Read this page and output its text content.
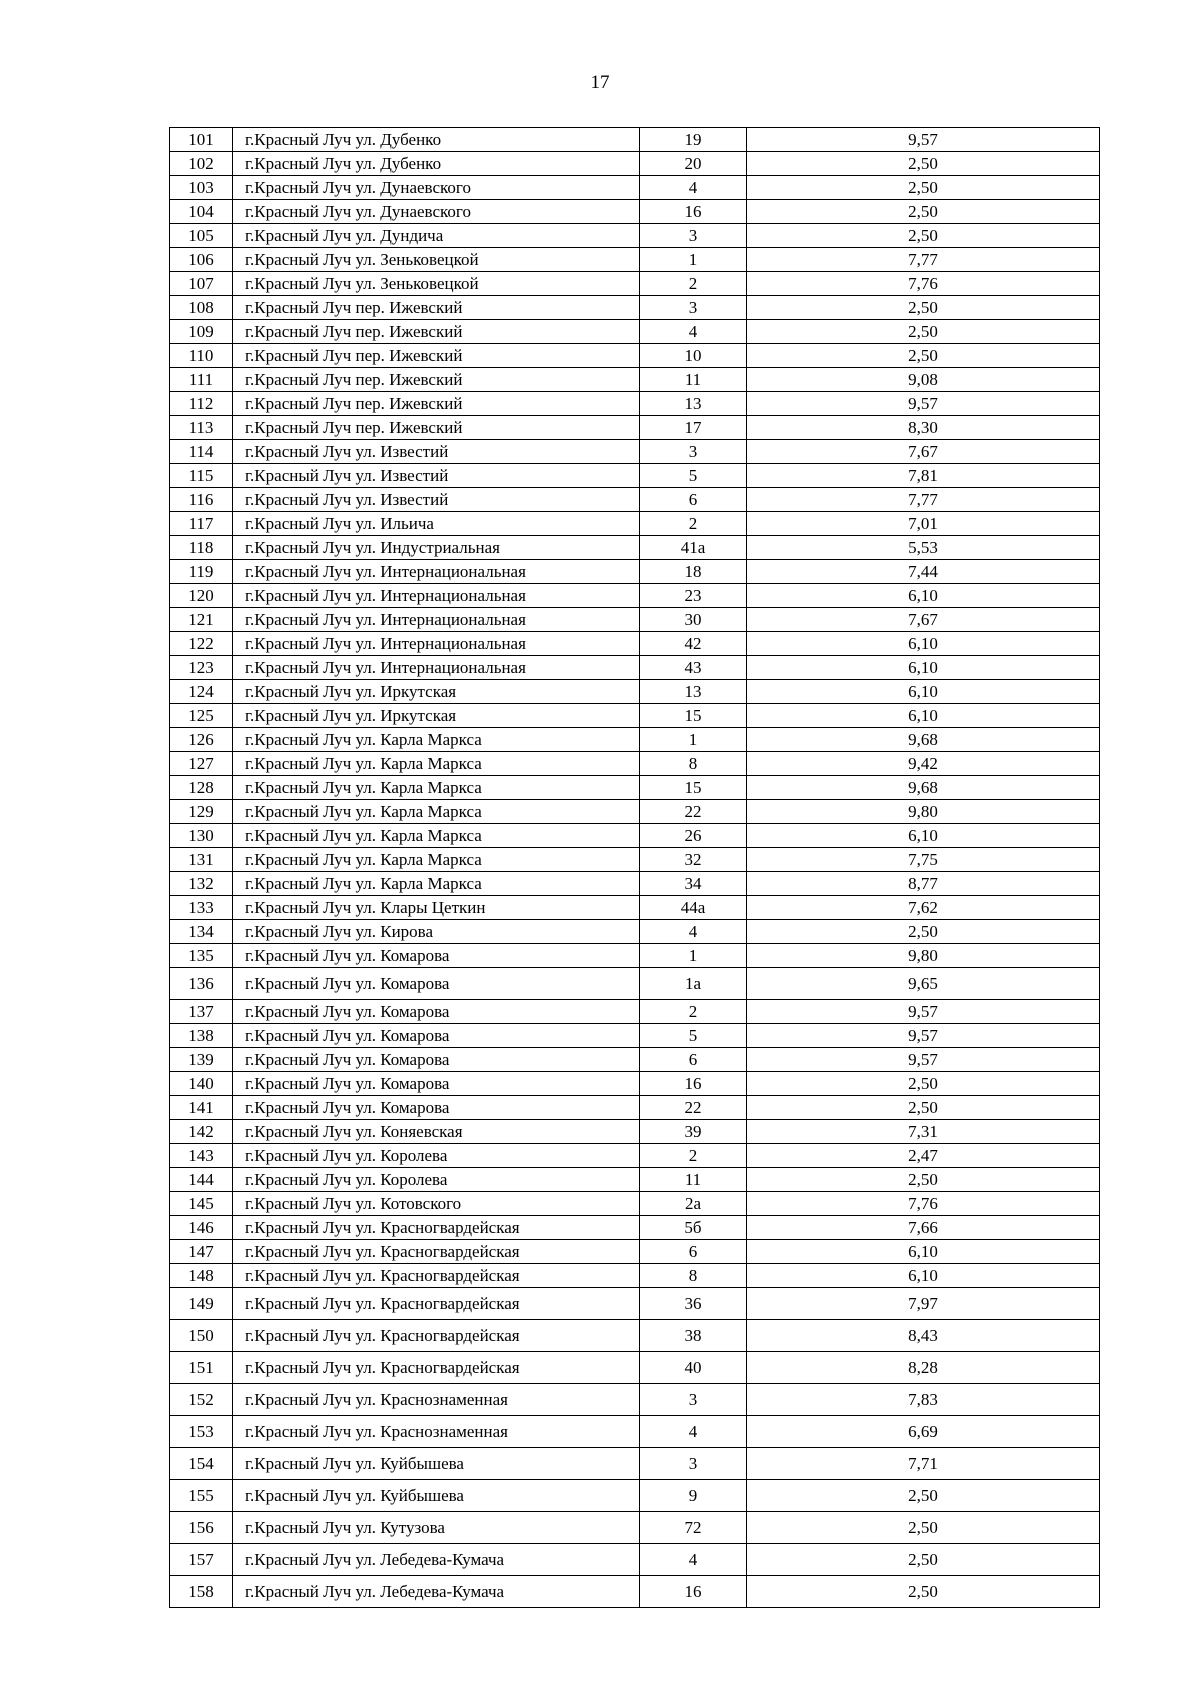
17
101	г.Красный Луч ул. Дубенко	19	9,57
102	г.Красный Луч ул. Дубенко	20	2,50
103	г.Красный Луч ул. Дунаевского	4	2,50
104	г.Красный Луч ул. Дунаевского	16	2,50
105	г.Красный Луч ул. Дундича	3	2,50
106	г.Красный Луч ул. Зеньковецкой	1	7,77
107	г.Красный Луч ул. Зеньковецкой	2	7,76
108	г.Красный Луч пер. Ижевский	3	2,50
109	г.Красный Луч пер. Ижевский	4	2,50
110	г.Красный Луч пер. Ижевский	10	2,50
111	г.Красный Луч пер. Ижевский	11	9,08
112	г.Красный Луч пер. Ижевский	13	9,57
113	г.Красный Луч пер. Ижевский	17	8,30
114	г.Красный Луч ул. Известий	3	7,67
115	г.Красный Луч ул. Известий	5	7,81
116	г.Красный Луч ул. Известий	6	7,77
117	г.Красный Луч ул. Ильича	2	7,01
118	г.Красный Луч ул. Индустриальная	41а	5,53
119	г.Красный Луч ул. Интернациональная	18	7,44
120	г.Красный Луч ул. Интернациональная	23	6,10
121	г.Красный Луч ул. Интернациональная	30	7,67
122	г.Красный Луч ул. Интернациональная	42	6,10
123	г.Красный Луч ул. Интернациональная	43	6,10
124	г.Красный Луч ул. Иркутская	13	6,10
125	г.Красный Луч ул. Иркутская	15	6,10
126	г.Красный Луч ул. Карла Маркса	1	9,68
127	г.Красный Луч ул. Карла Маркса	8	9,42
128	г.Красный Луч ул. Карла Маркса	15	9,68
129	г.Красный Луч ул. Карла Маркса	22	9,80
130	г.Красный Луч ул. Карла Маркса	26	6,10
131	г.Красный Луч ул. Карла Маркса	32	7,75
132	г.Красный Луч ул. Карла Маркса	34	8,77
133	г.Красный Луч ул. Клары Цеткин	44а	7,62
134	г.Красный Луч ул. Кирова	4	2,50
135	г.Красный Луч ул. Комарова	1	9,80
136	г.Красный Луч ул. Комарова	1а	9,65
137	г.Красный Луч ул. Комарова	2	9,57
138	г.Красный Луч ул. Комарова	5	9,57
139	г.Красный Луч ул. Комарова	6	9,57
140	г.Красный Луч ул. Комарова	16	2,50
141	г.Красный Луч ул. Комарова	22	2,50
142	г.Красный Луч ул. Коняевская	39	7,31
143	г.Красный Луч ул. Королева	2	2,47
144	г.Красный Луч ул. Королева	11	2,50
145	г.Красный Луч ул. Котовского	2а	7,76
146	г.Красный Луч ул. Красногвардейская	5б	7,66
147	г.Красный Луч ул. Красногвардейская	6	6,10
148	г.Красный Луч ул. Красногвардейская	8	6,10
149	г.Красный Луч ул. Красногвардейская	36	7,97
150	г.Красный Луч ул. Красногвардейская	38	8,43
151	г.Красный Луч ул. Красногвардейская	40	8,28
152	г.Красный Луч ул. Краснознаменная	3	7,83
153	г.Красный Луч ул. Краснознаменная	4	6,69
154	г.Красный Луч ул. Куйбышева	3	7,71
155	г.Красный Луч ул. Куйбышева	9	2,50
156	г.Красный Луч ул. Кутузова	72	2,50
157	г.Красный Луч ул. Лебедева-Кумача	4	2,50
158	г.Красный Луч ул. Лебедева-Кумача	16	2,50
